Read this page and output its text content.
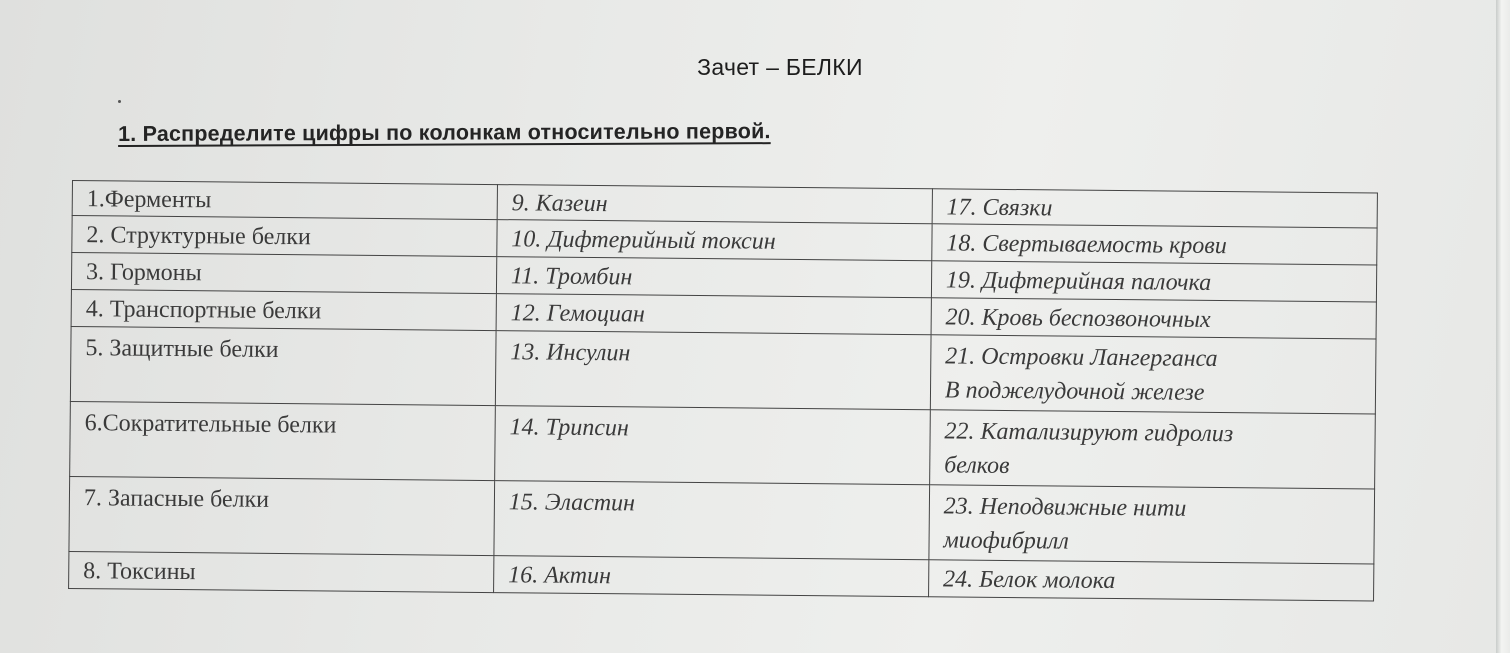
Зачет – БЕЛКИ
1. Распределите цифры по колонкам относительно первой.
1.Ферменты	9. Казеин	17. Связки

2. Структурные белки	10. Дифтерийный токсин	18. Свертываемость крови

3. Гормоны	11. Тромбин	19. Дифтерийная палочка

4. Транспортные белки	12. Гемоциан	20. Кровь беспозвоночных

5. Защитные белки	13. Инсулин	21. Островки Лангерганса
В поджелудочной железе

6.Сократительные белки	14. Трипсин	22. Катализируют гидролиз
белков

7. Запасные белки	15. Эластин	23. Неподвижные нити
миофибрилл

8. Токсины	16. Актин	24. Белок молока
